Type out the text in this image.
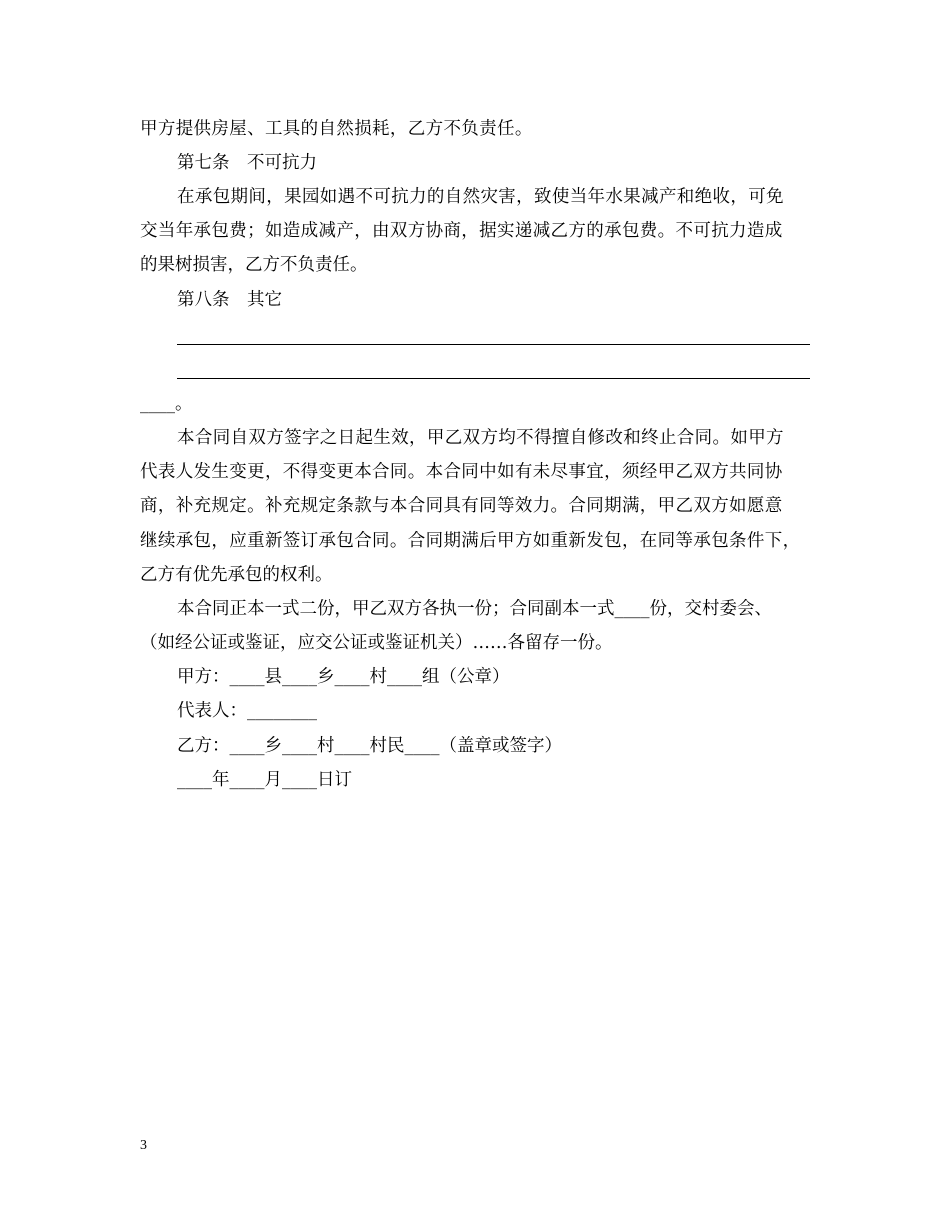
甲方提供房屋、工具的自然损耗，乙方不负责任。
第七条　不可抗力
在承包期间，果园如遇不可抗力的自然灾害，致使当年水果减产和绝收，可免
交当年承包费；如造成减产，由双方协商，据实递减乙方的承包费。不可抗力造成
的果树损害，乙方不负责任。
第八条　其它
____。
本合同自双方签字之日起生效，甲乙双方均不得擅自修改和终止合同。如甲方
代表人发生变更，不得变更本合同。本合同中如有未尽事宜，须经甲乙双方共同协
商，补充规定。补充规定条款与本合同具有同等效力。合同期满，甲乙双方如愿意
继续承包，应重新签订承包合同。合同期满后甲方如重新发包，在同等承包条件下，
乙方有优先承包的权利。
本合同正本一式二份，甲乙双方各执一份；合同副本一式____份，交村委会、
（如经公证或鉴证，应交公证或鉴证机关）……各留存一份。
甲方：____县____乡____村____组（公章）
代表人：________
乙方：____乡____村____村民____（盖章或签字）
____年____月____日订
3
